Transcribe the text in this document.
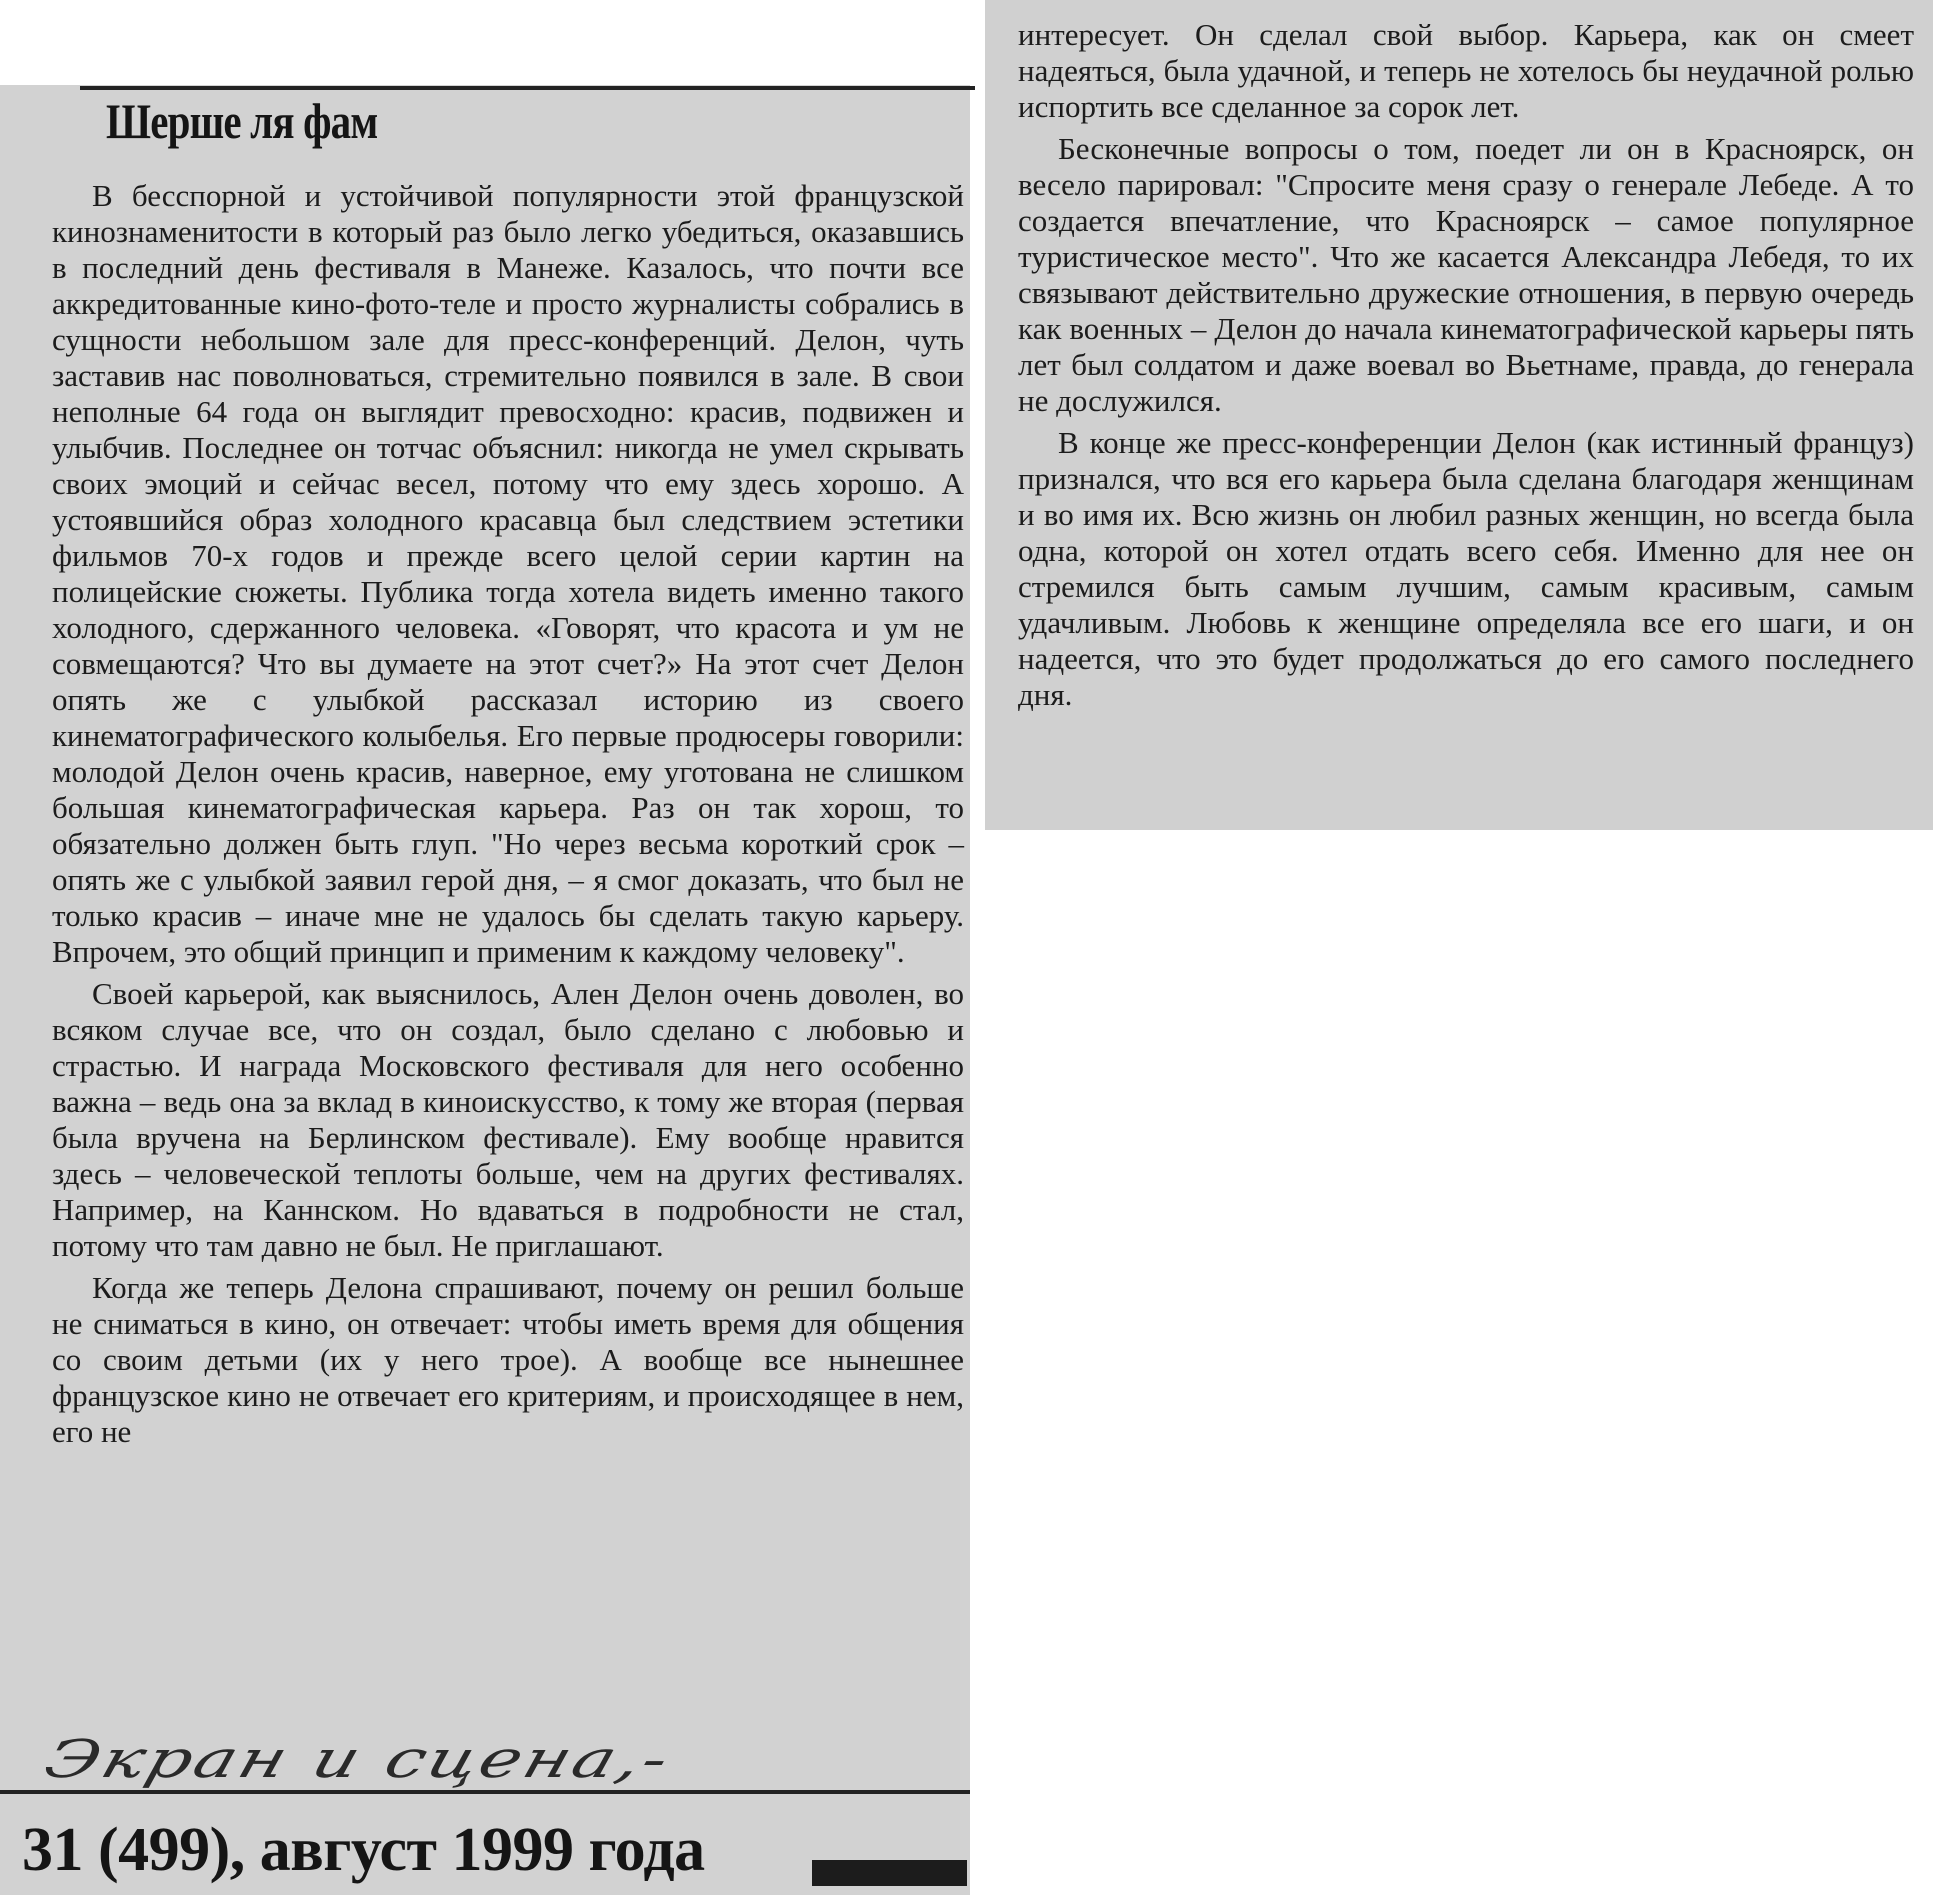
Шерше ля фам

В бесспорной и устойчивой популярности этой французской кинознаменитости в который раз было легко убедиться, оказавшись в последний день фестиваля в Манеже. Казалось, что почти все аккредитованные кино-фото-теле и просто журналисты собрались в сущности небольшом зале для пресс-конференций. Делон, чуть заставив нас поволноваться, стремительно появился в зале. В свои неполные 64 года он выглядит превосходно: красив, подвижен и улыбчив. Последнее он тотчас объяснил: никогда не умел скрывать своих эмоций и сейчас весел, потому что ему здесь хорошо. А устоявшийся образ холодного красавца был следствием эстетики фильмов 70-х годов и прежде всего целой серии картин на полицейские сюжеты. Публика тогда хотела видеть именно такого холодного, сдержанного человека. «Говорят, что красота и ум не совмещаются? Что вы думаете на этот счет?» На этот счет Делон опять же с улыбкой рассказал историю из своего кинематографического колыбелья. Его первые продюсеры говорили: молодой Делон очень красив, наверное, ему уготована не слишком большая кинематографическая карьера. Раз он так хорош, то обязательно должен быть глуп. "Но через весьма короткий срок – опять же с улыбкой заявил герой дня, – я смог доказать, что был не только красив – иначе мне не удалось бы сделать такую карьеру. Впрочем, это общий принцип и применим к каждому человеку".

Своей карьерой, как выяснилось, Ален Делон очень доволен, во всяком случае все, что он создал, было сделано с любовью и страстью. И награда Московского фестиваля для него особенно важна – ведь она за вклад в киноискусство, к тому же вторая (первая была вручена на Берлинском фестивале). Ему вообще нравится здесь – человеческой теплоты больше, чем на других фестивалях. Например, на Каннском. Но вдаваться в подробности не стал, потому что там давно не был. Не приглашают.

Когда же теперь Делона спрашивают, почему он решил больше не сниматься в кино, он отвечает: чтобы иметь время для общения со своим детьми (их у него трое). А вообще все нынешнее французское кино не отвечает его критериям, и происходящее в нем, его не

интересует. Он сделал свой выбор. Карьера, как он смеет надеяться, была удачной, и теперь не хотелось бы неудачной ролью испортить все сделанное за сорок лет.

Бесконечные вопросы о том, поедет ли он в Красноярск, он весело парировал: "Спросите меня сразу о генерале Лебеде. А то создается впечатление, что Красноярск – самое популярное туристическое место". Что же касается Александра Лебедя, то их связывают действительно дружеские отношения, в первую очередь как военных – Делон до начала кинематографической карьеры пять лет был солдатом и даже воевал во Вьетнаме, правда, до генерала не дослужился.

В конце же пресс-конференции Делон (как истинный француз) признался, что вся его карьера была сделана благодаря женщинам и во имя их. Всю жизнь он любил разных женщин, но всегда была одна, которой он хотел отдать всего себя. Именно для нее он стремился быть самым лучшим, самым красивым, самым удачливым. Любовь к женщине определяла все его шаги, и он надеется, что это будет продолжаться до его самого последнего дня.

Экран и сцена,-
31 (499), август 1999 года
